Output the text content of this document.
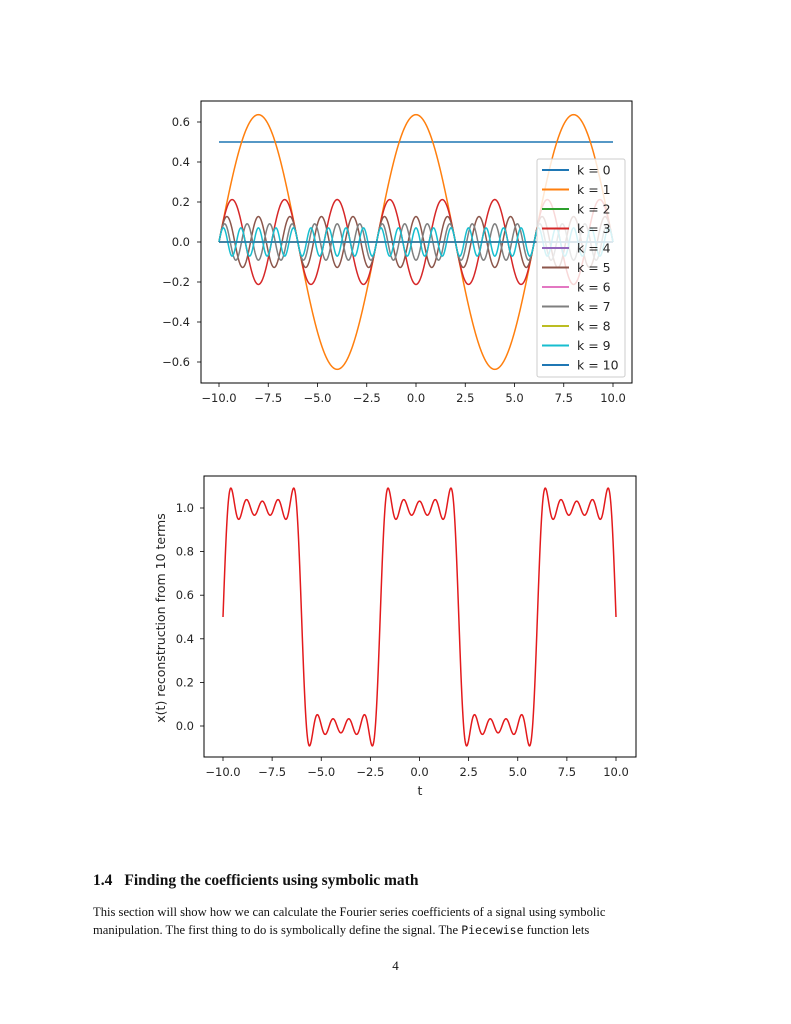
−10.0 −7.5 −5.0 −2.5 0.0	2.5	5.0	7.5 10.0
−0.6
−0.4
−0.2
0.0
0.2
0.4
0.6
k = 0
k = 1
k = 2
k = 3
k = 4
k = 5
k = 6
k = 7
k = 8
k = 9
k = 10
−10.0 −7.5 −5.0 −2.5 0.0	2.5	5.0	7.5 10.0
0.0
0.2
0.4
0.6
0.8
1.0
t
x(t) reconstruction from 10 terms
1.4 Finding the coefficients using symbolic math

This section will show how we can calculate the Fourier series coefficients of a signal using symbolic
manipulation. The first thing to do is symbolically define the signal. The Piecewise function lets

4
